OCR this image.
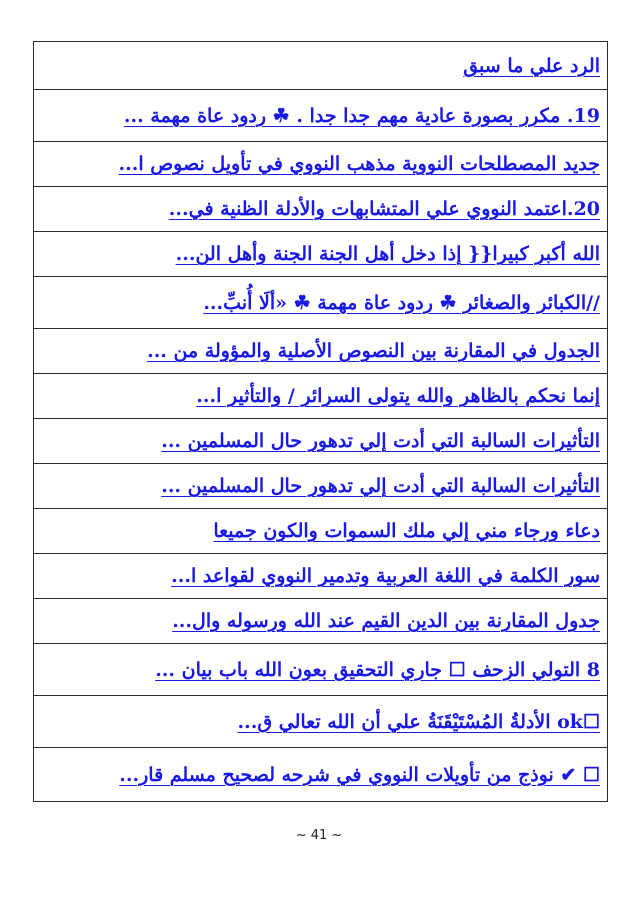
الرد علي ما سبق
19. مكرر بصورة عادية مهم جدا جدا . ☘ ردود عاة مهمة ...
جديد المصطلحات النووية مذهب النووي في تأويل نصوص ا...
20.اعتمد النووي علي المتشابهات والأدلة الظنية في...
الله أكبر كبيرا{{ إذا دخل أهل الجنة الجنة وأهل الن...
//الكبائر والصغائر ☘ ردود عاة مهمة ☘ «ألَا أُنبِّ...
الجدول في المقارنة بين النصوص الأصلية والمؤولة من ...
إنما نحكم بالظاهر والله يتولى السرائر / والتأثير ا...
التأثيرات السالبة التي أدت إلي تدهور حال المسلمين ...
التأثيرات السالبة التي أدت إلي تدهور حال المسلمين ...
دعاء ورجاء مني إلي ملك السموات والكون جميعا
سور الكلمة في اللغة العربية وتدمير النووي لقواعد ا...
جدول المقارنة بين الدين القيم عند الله ورسوله وال...
8 التولي الزحف ☐ جاري التحقيق بعون الله باب بيان ...
☐ok الأدلةُ المُسْتَيْقَنَةُ علي أن الله تعالي ق...
☐ ✔ نوذج من تأويلات النووي في شرحه لصحيح مسلم قار...
~ 41 ~
